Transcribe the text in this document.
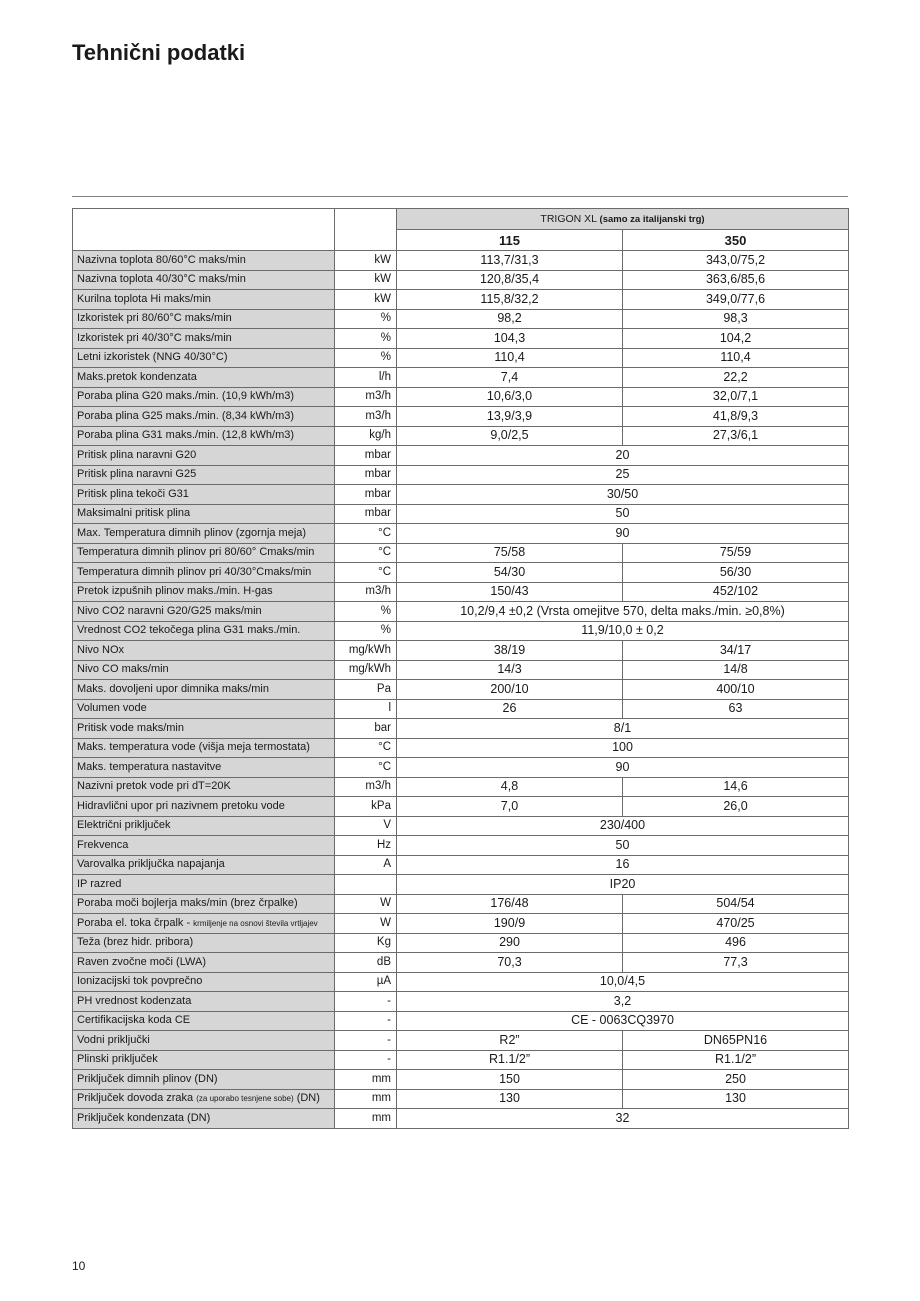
Tehnični podatki
		TRIGON XL (samo za italijanski trg)	
		115	350
Nazivna toplota 80/60°C maks/min	kW	113,7/31,3	343,0/75,2
Nazivna toplota 40/30°C maks/min	kW	120,8/35,4	363,6/85,6
Kurilna toplota Hi maks/min	kW	115,8/32,2	349,0/77,6
Izkoristek pri 80/60°C maks/min	%	98,2	98,3
Izkoristek pri 40/30°C maks/min	%	104,3	104,2
Letni izkoristek (NNG 40/30°C)	%	110,4	110,4
Maks.pretok kondenzata	l/h	7,4	22,2
Poraba plina G20 maks./min. (10,9 kWh/m3)	m3/h	10,6/3,0	32,0/7,1
Poraba plina G25 maks./min. (8,34 kWh/m3)	m3/h	13,9/3,9	41,8/9,3
Poraba plina G31 maks./min. (12,8 kWh/m3)	kg/h	9,0/2,5	27,3/6,1
Pritisk plina naravni G20	mbar	20	
Pritisk plina naravni G25	mbar	25	
Pritisk plina tekoči G31	mbar	30/50	
Maksimalni pritisk plina	mbar	50	
Max. Temperatura dimnih plinov (zgornja meja)	°C	90	
Temperatura dimnih plinov pri 80/60° Cmaks/min	°C	75/58	75/59
Temperatura dimnih plinov pri 40/30°Cmaks/min	°C	54/30	56/30
Pretok izpušnih plinov maks./min. H-gas	m3/h	150/43	452/102
Nivo CO2 naravni G20/G25 maks/min	%	10,2/9,4 ±0,2 (Vrsta omejitve 570, delta maks./min. ≥0,8%)	
Vrednost CO2 tekočega plina G31 maks./min.	%	11,9/10,0 ± 0,2	
Nivo NOx	mg/kWh	38/19	34/17
Nivo CO maks/min	mg/kWh	14/3	14/8
Maks. dovoljeni upor dimnika maks/min	Pa	200/10	400/10
Volumen vode	l	26	63
Pritisk vode maks/min	bar	8/1	
Maks. temperatura vode (višja meja termostata)	°C	100	
Maks. temperatura nastavitve	°C	90	
Nazivni pretok vode pri dT=20K	m3/h	4,8	14,6
Hidravlični upor pri nazivnem pretoku vode	kPa	7,0	26,0
Električni priključek	V	230/400	
Frekvenca	Hz	50	
Varovalka priključka napajanja	A	16	
IP razred		IP20	
Poraba moči bojlerja maks/min (brez črpalke)	W	176/48	504/54
Poraba el. toka črpalk - krmiljenje na osnovi števila vrtljajev	W	190/9	470/25
Teža (brez hidr. pribora)	Kg	290	496
Raven zvočne moči (LWA)	dB	70,3	77,3
Ionizacijski tok povprečno	µA	10,0/4,5	
PH vrednost kodenzata	-	3,2	
Certifikacijska koda CE	-	CE - 0063CQ3970	
Vodni priključki	-	R2”	DN65PN16
Plinski priključek	-	R1.1/2”	R1.1/2”
Priključek dimnih plinov (DN)	mm	150	250
Priključek dovoda zraka (za uporabo tesnjene sobe) (DN)	mm	130	130
Priključek kondenzata (DN)	mm	32	
10
